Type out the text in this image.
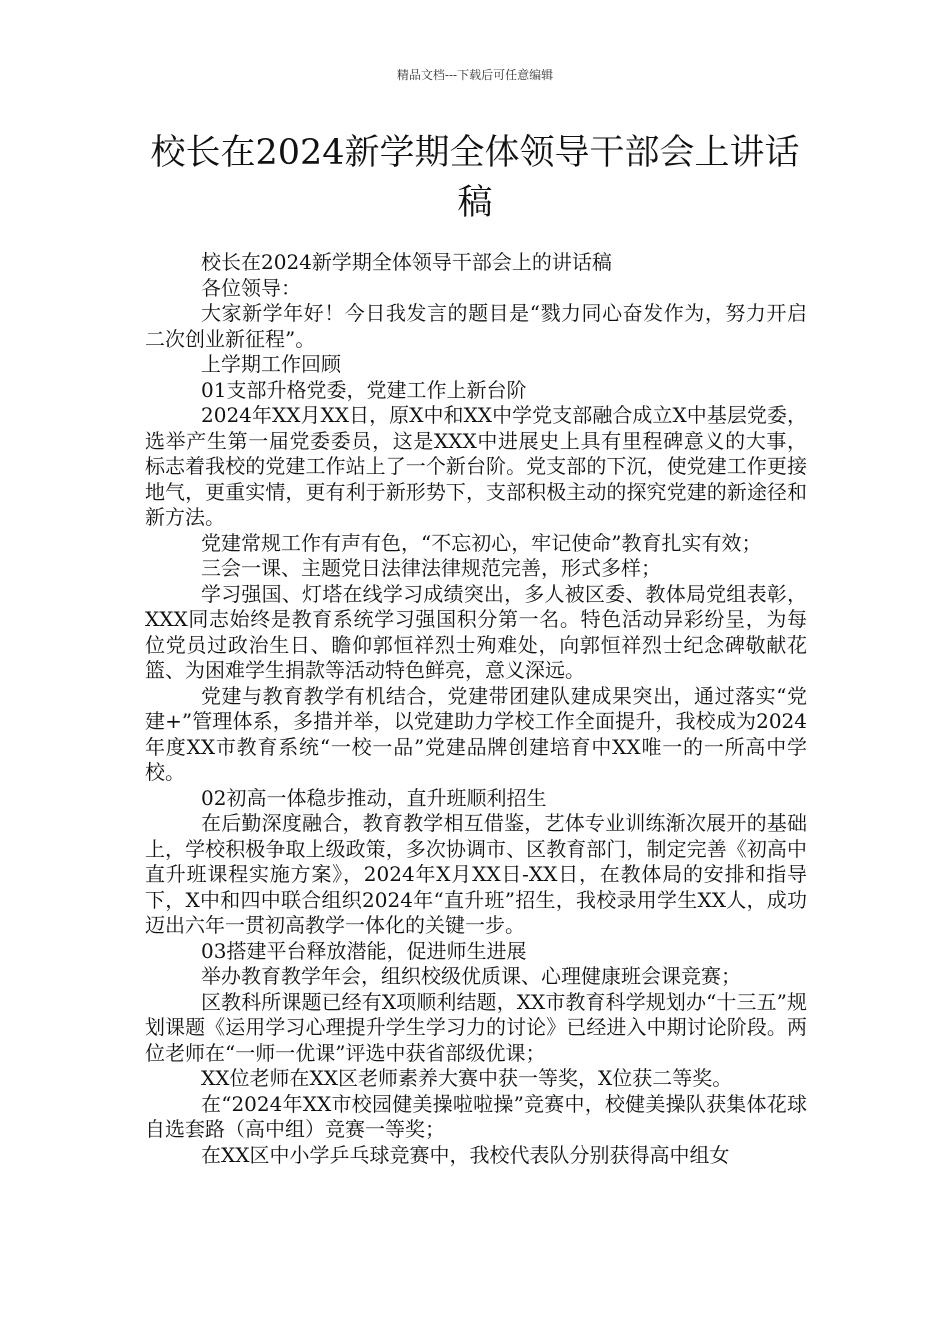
精品文档---下载后可任意编辑
校长在2024新学期全体领导干部会上讲话稿

校长在2024新学期全体领导干部会上的讲话稿

各位领导：

大家新学年好！今日我发言的题目是“戮力同心奋发作为，努力开启二次创业新征程”。

上学期工作回顾

01支部升格党委，党建工作上新台阶

2024年XX月XX日，原X中和XX中学党支部融合成立X中基层党委，选举产生第一届党委委员，这是XXX中进展史上具有里程碑意义的大事，标志着我校的党建工作站上了一个新台阶。党支部的下沉，使党建工作更接地气，更重实情，更有利于新形势下，支部积极主动的探究党建的新途径和新方法。

党建常规工作有声有色，“不忘初心，牢记使命”教育扎实有效；

三会一课、主题党日法律法律规范完善，形式多样；

学习强国、灯塔在线学习成绩突出，多人被区委、教体局党组表彰，XXX同志始终是教育系统学习强国积分第一名。特色活动异彩纷呈，为每位党员过政治生日、瞻仰郭恒祥烈士殉难处，向郭恒祥烈士纪念碑敬献花篮、为困难学生捐款等活动特色鲜亮，意义深远。

党建与教育教学有机结合，党建带团建队建成果突出，通过落实“党建+”管理体系，多措并举，以党建助力学校工作全面提升，我校成为2024年度XX市教育系统“一校一品”党建品牌创建培育中XX唯一的一所高中学校。

02初高一体稳步推动，直升班顺利招生

在后勤深度融合，教育教学相互借鉴，艺体专业训练渐次展开的基础上，学校积极争取上级政策，多次协调市、区教育部门，制定完善《初高中直升班课程实施方案》，2024年X月XX日-XX日，在教体局的安排和指导下，X中和四中联合组织2024年“直升班”招生，我校录用学生XX人，成功迈出六年一贯初高教学一体化的关键一步。

03搭建平台释放潜能，促进师生进展

举办教育教学年会，组织校级优质课、心理健康班会课竞赛；

区教科所课题已经有X项顺利结题，XX市教育科学规划办“十三五”规划课题《运用学习心理提升学生学习力的讨论》已经进入中期讨论阶段。两位老师在“一师一优课”评选中获省部级优课；

XX位老师在XX区老师素养大赛中获一等奖，X位获二等奖。

在“2024年XX市校园健美操啦啦操”竞赛中，校健美操队获集体花球自选套路（高中组）竞赛一等奖；

在XX区中小学乒乓球竞赛中，我校代表队分别获得高中组女
